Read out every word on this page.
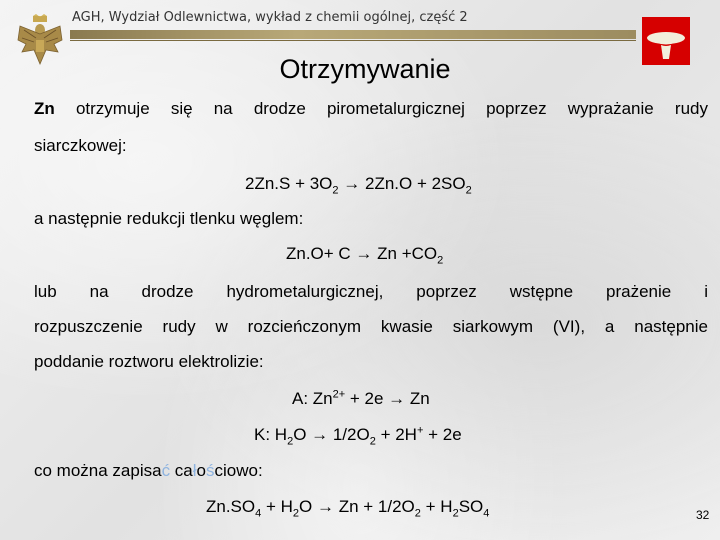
AGH, Wydział Odlewnictwa, wykład z chemii ogólnej, część 2
Otrzymywanie
Zn otrzymuje się na drodze pirometalurgicznej poprzez wyprażanie rudy
siarczkowej:
$2Zn.S + 3O_2 \to 2Zn.O + 2SO_2$
a następnie redukcji tlenku węglem:
$Zn.O+ C \to Zn +CO_2$
lub na drodze hydrometalurgicznej, poprzez wstępne prażenie i
rozpuszczenie rudy w rozcieńczonym kwasie siarkowym (VI), a następnie
poddanie roztworu elektrolizie:
A: $Zn^{2+} + 2e \to Zn$
K: $H_2O \to 1/2O_2 + 2H^+ + 2e$
co można zapisać całościowo:
$Zn.SO_4 + H_2O \to Zn + 1/2O_2 + H_2SO_4$	32
